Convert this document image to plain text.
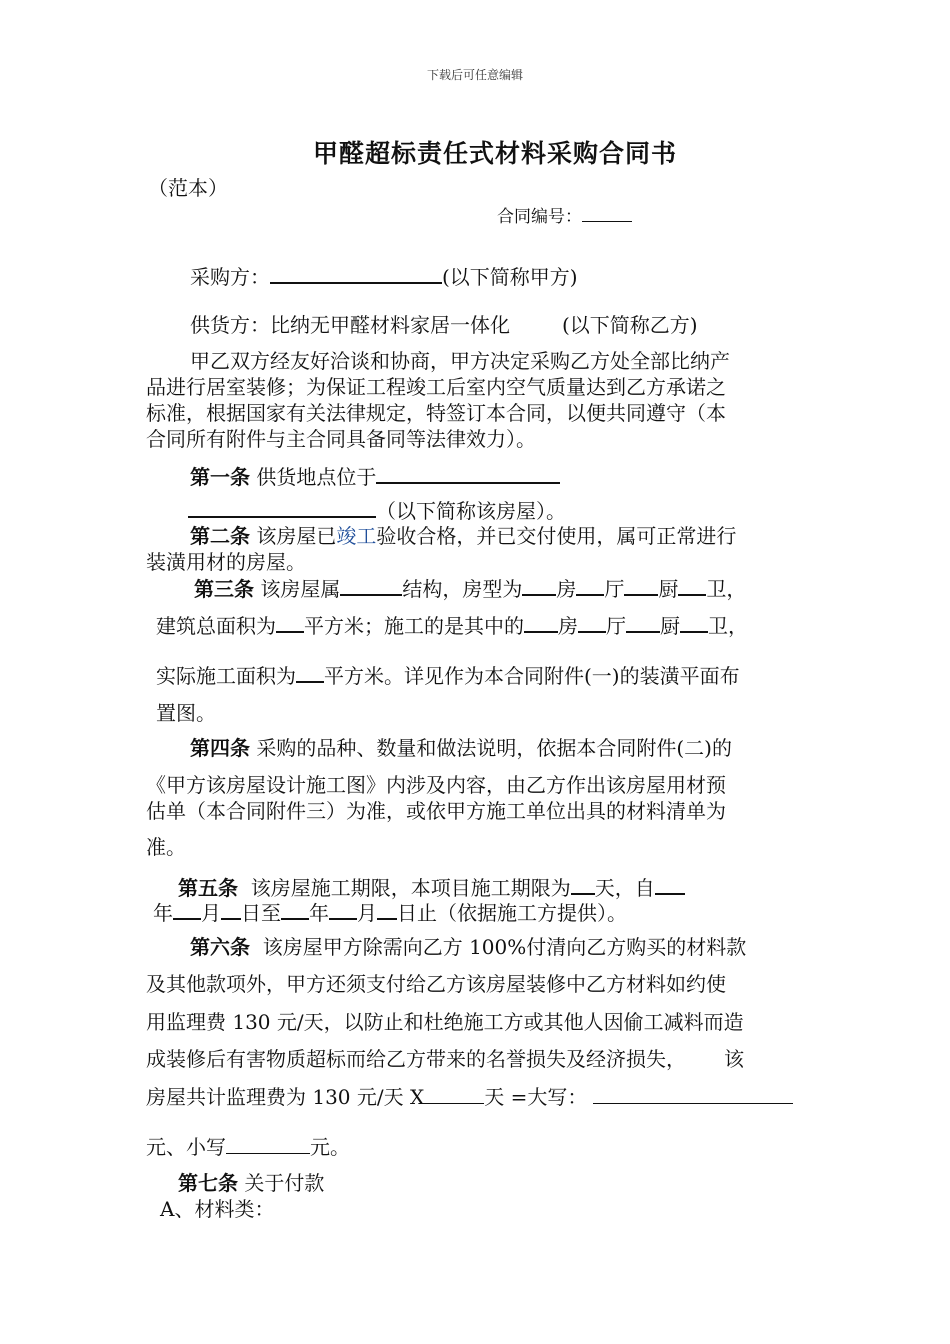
下载后可任意编辑
甲醛超标责任式材料采购合同书
（范本）
合同编号：
采购方：	(以下简称甲方)
供货方：比纳无甲醛材料家居一体化	(以下简称乙方)
甲乙双方经友好洽谈和协商，甲方决定采购乙方处全部比纳产
品进行居室装修；为保证工程竣工后室内空气质量达到乙方承诺之
标准，根据国家有关法律规定，特签订本合同，以便共同遵守（本
合同所有附件与主合同具备同等法律效力）。
第一条 供货地点位于
（以下简称该房屋）。
第二条 该房屋已竣工验收合格，并已交付使用，属可正常进行
装潢用材的房屋。
第三条 该房屋属	结构，房型为 房 厅 厨 卫，
建筑总面积为 平方米；施工的是其中的 房 厅 厨 卫，
实际施工面积为 平方米。详见作为本合同附件(一)的装潢平面布
置图。
第四条 采购的品种、数量和做法说明，依据本合同附件(二)的
《甲方该房屋设计施工图》内涉及内容，由乙方作出该房屋用材预
估单（本合同附件三）为准，或依甲方施工单位出具的材料清单为
准。
第五条 该房屋施工期限，本项目施工期限为 天，自
年 月 日至 年 月 日止（依据施工方提供）。
第六条 该房屋甲方除需向乙方 100%付清向乙方购买的材料款
及其他款项外，甲方还须支付给乙方该房屋装修中乙方材料如约使
用监理费 130 元/天，以防止和杜绝施工方或其他人因偷工减料而造
成装修后有害物质超标而给乙方带来的名誉损失及经济损失， 该
房屋共计监理费为 130 元/天 X	天 =大写：
元、小写	元。
第七条 关于付款
A、材料类：
